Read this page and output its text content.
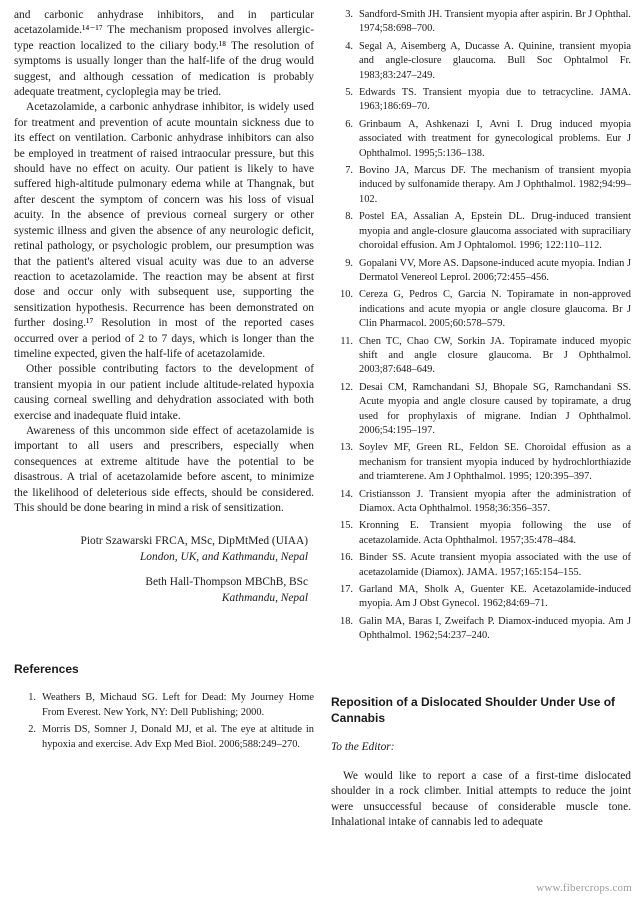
and carbonic anhydrase inhibitors, and in particular acetazolamide.¹⁴⁻¹⁷ The mechanism proposed involves allergic-type reaction localized to the ciliary body.¹⁸ The resolution of symptoms is usually longer than the half-life of the drug would suggest, and although cessation of medication is probably adequate treatment, cycloplegia may be tried.

Acetazolamide, a carbonic anhydrase inhibitor, is widely used for treatment and prevention of acute mountain sickness due to its effect on ventilation. Carbonic anhydrase inhibitors can also be employed in treatment of raised intraocular pressure, but this should have no effect on acuity. Our patient is likely to have suffered high-altitude pulmonary edema while at Thangnak, but after descent the symptom of concern was his loss of visual acuity. In the absence of previous corneal surgery or other systemic illness and given the absence of any neurologic deficit, retinal pathology, or psychologic problem, our presumption was that the patient's altered visual acuity was due to an adverse reaction to acetazolamide. The reaction may be absent at first dose and occur only with subsequent use, supporting the sensitization hypothesis. Recurrence has been demonstrated on further dosing.¹⁷ Resolution in most of the reported cases occurred over a period of 2 to 7 days, which is longer than the timeline expected, given the half-life of acetazolamide.

Other possible contributing factors to the development of transient myopia in our patient include altitude-related hypoxia causing corneal swelling and dehydration associated with both exercise and inadequate fluid intake.

Awareness of this uncommon side effect of acetazolamide is important to all users and prescribers, especially when consequences at extreme altitude have the potential to be disastrous. A trial of acetazolamide before ascent, to minimize the likelihood of deleterious side effects, should be considered. This should be done bearing in mind a risk of sensitization.

Piotr Szawarski FRCA, MSc, DipMtMed (UIAA)
London, UK, and Kathmandu, Nepal
Beth Hall-Thompson MBChB, BSc
Kathmandu, Nepal
References
1. Weathers B, Michaud SG. Left for Dead: My Journey Home From Everest. New York, NY: Dell Publishing; 2000.
2. Morris DS, Somner J, Donald MJ, et al. The eye at altitude in hypoxia and exercise. Adv Exp Med Biol. 2006;588:249–270.
3. Sandford-Smith JH. Transient myopia after aspirin. Br J Ophthal. 1974;58:698–700.
4. Segal A, Aisemberg A, Ducasse A. Quinine, transient myopia and angle-closure glaucoma. Bull Soc Ophtalmol Fr. 1983;83:247–249.
5. Edwards TS. Transient myopia due to tetracycline. JAMA. 1963;186:69–70.
6. Grinbaum A, Ashkenazi I, Avni I. Drug induced myopia associated with treatment for gynecological problems. Eur J Ophthalmol. 1995;5:136–138.
7. Bovino JA, Marcus DF. The mechanism of transient myopia induced by sulfonamide therapy. Am J Ophthalmol. 1982;94:99–102.
8. Postel EA, Assalian A, Epstein DL. Drug-induced transient myopia and angle-closure glaucoma associated with supraciliary choroidal effusion. Am J Ophtalomol. 1996; 122:110–112.
9. Gopalani VV, More AS. Dapsone-induced acute myopia. Indian J Dermatol Venereol Leprol. 2006;72:455–456.
10. Cereza G, Pedros C, Garcia N. Topiramate in non-approved indications and acute myopia or angle closure glaucoma. Br J Clin Pharmacol. 2005;60:578–579.
11. Chen TC, Chao CW, Sorkin JA. Topiramate induced myopic shift and angle closure glaucoma. Br J Ophthalmol. 2003;87:648–649.
12. Desai CM, Ramchandani SJ, Bhopale SG, Ramchandani SS. Acute myopia and angle closure caused by topiramate, a drug used for prophylaxis of migrane. Indian J Ophthalmol. 2006;54:195–197.
13. Soylev MF, Green RL, Feldon SE. Choroidal effusion as a mechanism for transient myopia induced by hydrochlorthiazide and triamterene. Am J Ophthalmol. 1995; 120:395–397.
14. Cristiansson J. Transient myopia after the administration of Diamox. Acta Ophthalmol. 1958;36:356–357.
15. Kronning E. Transient myopia following the use of acetazolamide. Acta Ophthalmol. 1957;35:478–484.
16. Binder SS. Acute transient myopia associated with the use of acetazolamide (Diamox). JAMA. 1957;165:154–155.
17. Garland MA, Sholk A, Guenter KE. Acetazolamide-induced myopia. Am J Obst Gynecol. 1962;84:69–71.
18. Galin MA, Baras I, Zweifach P. Diamox-induced myopia. Am J Ophthalmol. 1962;54:237–240.
Reposition of a Dislocated Shoulder Under Use of Cannabis
To the Editor:

We would like to report a case of a first-time dislocated shoulder in a rock climber. Initial attempts to reduce the joint were unsuccessful because of considerable muscle tone. Inhalational intake of cannabis led to adequate

www.fibercrops.com
